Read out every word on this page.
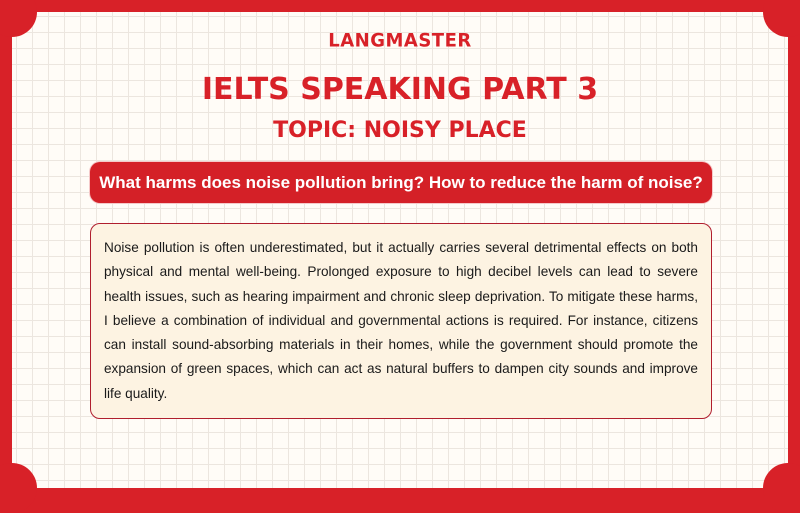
LANGMASTER
IELTS SPEAKING PART 3
TOPIC: NOISY PLACE
What harms does noise pollution bring? How to reduce the harm of noise?
Noise pollution is often underestimated, but it actually carries several detrimental effects on both physical and mental well-being. Prolonged exposure to high decibel levels can lead to severe health issues, such as hearing impairment and chronic sleep deprivation. To mitigate these harms, I believe a combination of individual and governmental actions is required. For instance, citizens can install sound-absorbing materials in their homes, while the government should promote the expansion of green spaces, which can act as natural buffers to dampen city sounds and improve life quality.
